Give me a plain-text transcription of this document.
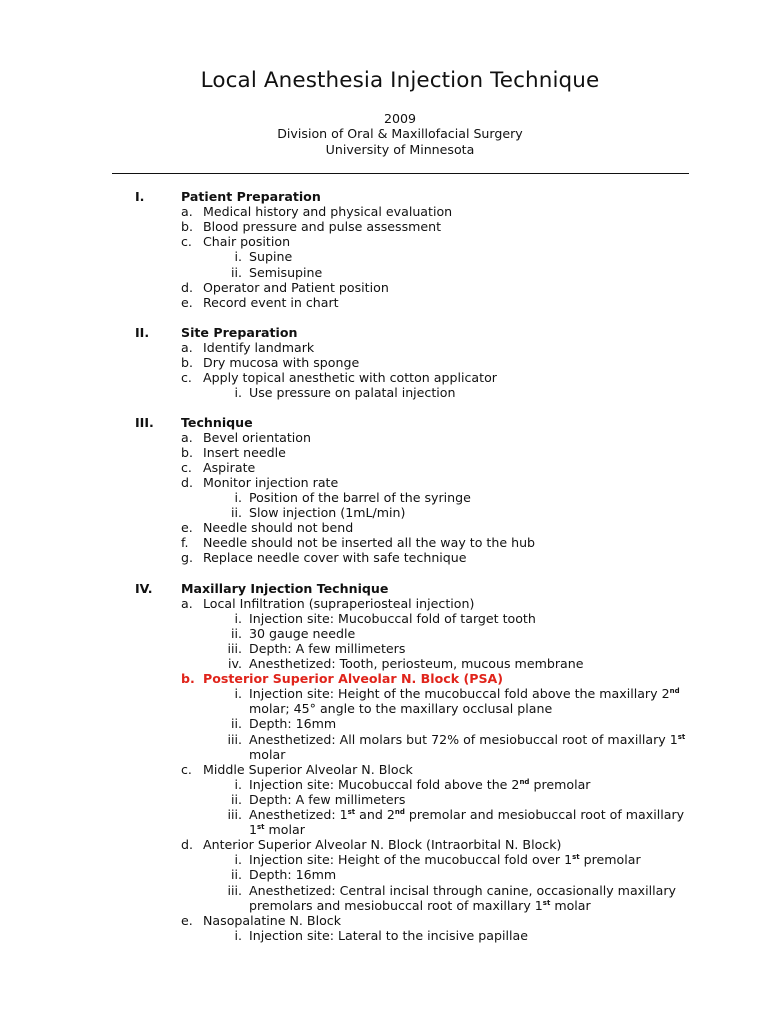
Local Anesthesia Injection Technique
2009
Division of Oral & Maxillofacial Surgery
University of Minnesota
I.	Patient Preparation
a. Medical history and physical evaluation
b. Blood pressure and pulse assessment
c. Chair position
i. Supine
ii. Semisupine
d. Operator and Patient position
e. Record event in chart
II.	Site Preparation
a. Identify landmark
b. Dry mucosa with sponge
c. Apply topical anesthetic with cotton applicator
i. Use pressure on palatal injection
III. Technique
a. Bevel orientation
b. Insert needle
c. Aspirate
d. Monitor injection rate
i. Position of the barrel of the syringe
ii. Slow injection (1mL/min)
e. Needle should not bend
f. Needle should not be inserted all the way to the hub
g. Replace needle cover with safe technique
IV. Maxillary Injection Technique
a. Local Infiltration (supraperiosteal injection)
i. Injection site: Mucobuccal fold of target tooth
ii. 30 gauge needle
iii. Depth: A few millimeters
iv. Anesthetized: Tooth, periosteum, mucous membrane
b. Posterior Superior Alveolar N. Block (PSA)
i. Injection site: Height of the mucobuccal fold above the maxillary 2nd
molar; 45° angle to the maxillary occlusal plane
ii. Depth: 16mm
iii. Anesthetized: All molars but 72% of mesiobuccal root of maxillary 1st
molar
c. Middle Superior Alveolar N. Block
i. Injection site: Mucobuccal fold above the 2nd premolar
ii. Depth: A few millimeters
iii. Anesthetized: 1st and 2nd premolar and mesiobuccal root of maxillary
1st molar
d. Anterior Superior Alveolar N. Block (Intraorbital N. Block)
i. Injection site: Height of the mucobuccal fold over 1st premolar
ii. Depth: 16mm
iii. Anesthetized: Central incisal through canine, occasionally maxillary
premolars and mesiobuccal root of maxillary 1st molar
e. Nasopalatine N. Block
i. Injection site: Lateral to the incisive papillae
